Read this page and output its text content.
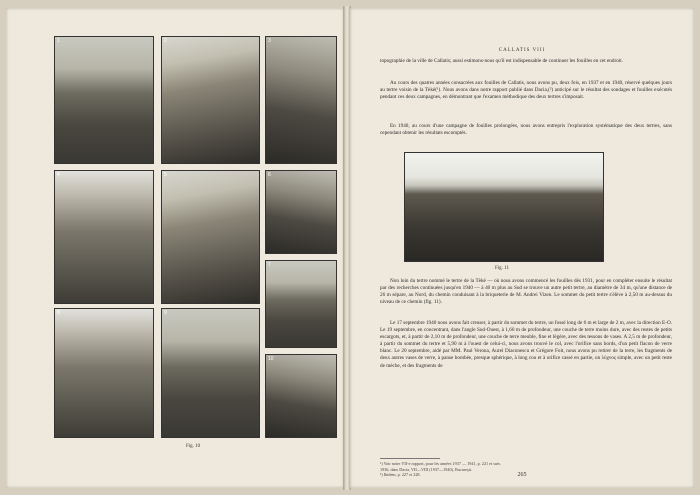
1	2	3
4	5	6
7
8	9
10
Fig. 10
CALLATIS VIII

topographie de la ville de Callatis; aussi estimons-nous qu'il est indispensable de continuer les fouilles en cet endroit.

Au cours des quatres années consacrées aux fouilles de Callatis, nous avons pu, deux fois, en 1937 et en 1940, réservé quelques jours au tertre voisin de la Tèké(¹). Nous avons dans notre rapport publié dans Dacia,(²) anticipé sur le résultat des sondages et fouilles exécutés pendant ces deux campagnes, en démontrant que l'examen méthodique des deux tertres s'imposait.

En 1940, au cours d'une campagne de fouilles prolongées, nous avons entrepris l'exploration systématique des deux tertres, sans cependant obtenir les résultats escomptés.

Fig. 11

Non loin du tertre nommé le tertre de la Tèké — où nous avons commencé les fouilles dès 1931, pour en compléter ensuite le résultat par des recherches continuées jusqu'en 1940 — à 40 m plus au Sud se trouve un autre petit tertre, au diamètre de 34 m, qu'une distance de 26 m sépare, au Nord, du chemin conduisant à la briqueterie de M. Andrei Vizen. Le sommet du petit tertre s'élève à 2,50 m au-dessus du niveau de ce chemin (fig. 11).

Le 17 septembre 1940 nous avons fait creuser, à partir du sommet du tertre, un fossé long de 6 m et large de 2 m, avec la direction E-O. Le 19 septembre, en concentrant, dans l'angle Sud-Ouest, à 1,60 m de profondeur, une couche de terre moins dure, avec des restes de petits escargots, et, à partir de 2,10 m de profondeur, une couche de terre meuble, fine et légère, avec des tessons de vases. A 2,5 m de profondeur, à partir du sommet du tertre et 5,90 m à l'ouest de celui-ci, nous avons trouvé le col, avec l'orifice sans bords, d'un petit flacon de verre blanc. Le 20 septembre, aidé par MM. Paul Verona, Aurel Diaconescu et Grégore Foit, nous avons pu retirer de la terre, les fragments de deux autres vases de verre, à panse bombée, presque sphérique, à long cou et à orifice cassé en partie, un λύχνος simple, avec un petit reste de mèche, et des fragments de

¹) Voir notre VII-e rapport, pour les années 1937 — 1941, p. 221 et suiv.
1936, dans Dacia, VII—VIII (1937—1940), Bucureşti.
²) Ibidem, p. 227 et 228.	265
